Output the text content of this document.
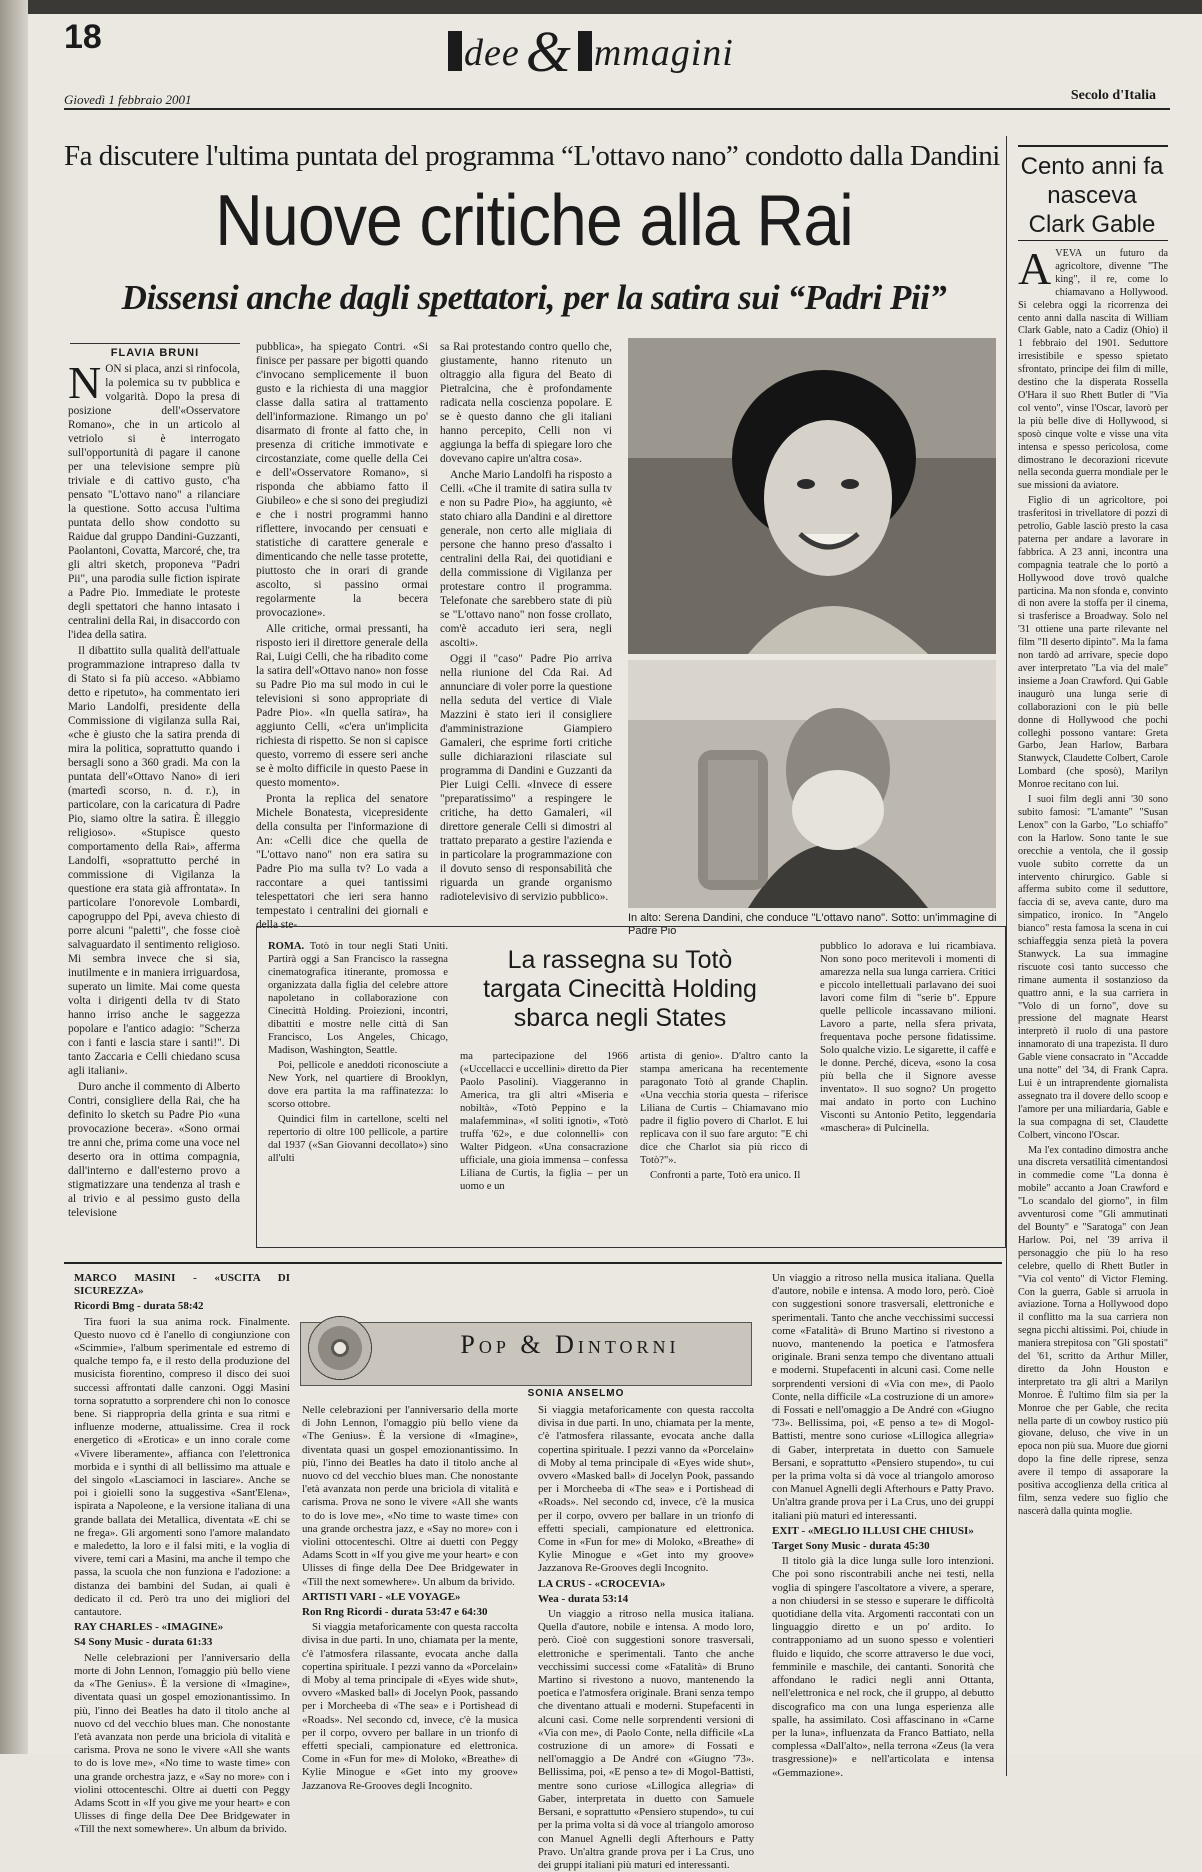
18	dee & mmagini
Giovedì 1 febbraio 2001	Secolo d'Italia
Fa discutere l'ultima puntata del programma “L'ottavo nano” condotto dalla Dandini
Nuove critiche alla Rai
Dissensi anche dagli spettatori, per la satira sui “Padri Pii”
FLAVIA BRUNI
N ON si placa, anzi si rinfocola, la polemica su tv pubblica e volgarità. Dopo la presa di posizione dell'«Osservatore Romano», che in un articolo al vetriolo si è interrogato sull'opportunità di pagare il canone per una televisione sempre più triviale e di cattivo gusto, c'ha pensato "L'ottavo nano" a rilanciare la questione. Sotto accusa l'ultima puntata dello show condotto su Raidue dal gruppo Dandini-Guzzanti, Paolantoni, Covatta, Marcoré, che, tra gli altri sketch, proponeva "Padri Pii", una parodia sulle fiction ispirate a Padre Pio. Immediate le proteste degli spettatori che hanno intasato i centralini della Rai, in disaccordo con l'idea della satira.

Il dibattito sulla qualità dell'attuale programmazione intrapreso dalla tv di Stato si fa più acceso. «Abbiamo detto e ripetuto», ha commentato ieri Mario Landolfi, presidente della Commissione di vigilanza sulla Rai, «che è giusto che la satira prenda di mira la politica, soprattutto quando i bersagli sono a 360 gradi. Ma con la puntata dell'«Ottavo Nano» di ieri (martedì scorso, n. d. r.), in particolare, con la caricatura di Padre Pio, siamo oltre la satira. È illeggio religioso». «Stupisce questo comportamento della Rai», afferma Landolfi, «soprattutto perché in commissione di Vigilanza la questione era stata già affrontata». In particolare l'onorevole Lombardi, capogruppo del Ppi, aveva chiesto di porre alcuni "paletti", che fosse cioè salvaguardato il sentimento religioso. Mi sembra invece che si sia, inutilmente e in maniera irriguardosa, superato un limite. Mai come questa volta i dirigenti della tv di Stato hanno irriso anche le saggezza popolare e l'antico adagio: "Scherza con i fanti e lascia stare i santi!". Di tanto Zaccaria e Celli chiedano scusa agli italiani».

Duro anche il commento di Alberto Contri, consigliere della Rai, che ha definito lo sketch su Padre Pio «una provocazione becera». «Sono ormai tre anni che, prima come una voce nel deserto ora in ottima compagnia, dall'interno e dall'esterno provo a stigmatizzare una tendenza al trash e al trivio e al pessimo gusto della televisione

pubblica», ha spiegato Contri. «Si finisce per passare per bigotti quando c'invocano semplicemente il buon gusto e la richiesta di una maggior classe dalla satira al trattamento dell'informazione. Rimango un po' disarmato di fronte al fatto che, in presenza di critiche immotivate e circostanziate, come quelle della Cei e dell'«Osservatore Romano», si risponda che abbiamo fatto il Giubileo» e che si sono dei pregiudizi e che i nostri programmi hanno riflettere, invocando per censuati e statistiche di carattere generale e dimenticando che nelle tasse protette, piuttosto che in orari di grande ascolto, si passino ormai regolarmente la becera provocazione».

Alle critiche, ormai pressanti, ha risposto ieri il direttore generale della Rai, Luigi Celli, che ha ribadito come la satira dell'«Ottavo nano» non fosse su Padre Pio ma sul modo in cui le televisioni si sono appropriate di Padre Pio». «In quella satira», ha aggiunto Celli, «c'era un'implicita richiesta di rispetto. Se non si capisce questo, vorremo di essere seri anche se è molto difficile in questo Paese in questo momento».

Pronta la replica del senatore Michele Bonatesta, vicepresidente della consulta per l'informazione di An: «Celli dice che quella de "L'ottavo nano" non era satira su Padre Pio ma sulla tv? Lo vada a raccontare a quei tantissimi telespettatori che ieri sera hanno tempestato i centralini dei giornali e della ste-

sa Rai protestando contro quello che, giustamente, hanno ritenuto un oltraggio alla figura del Beato di Pietralcina, che è profondamente radicata nella coscienza popolare. E se è questo danno che gli italiani hanno percepito, Celli non vi aggiunga la beffa di spiegare loro che dovevano capire un'altra cosa».

Anche Mario Landolfi ha risposto a Celli. «Che il tramite di satira sulla tv e non su Padre Pio», ha aggiunto, «è stato chiaro alla Dandini e al direttore generale, non certo alle migliaia di persone che hanno preso d'assalto i centralini della Rai, dei quotidiani e della commissione di Vigilanza per protestare contro il programma. Telefonate che sarebbero state di più se "L'ottavo nano" non fosse crollato, com'è accaduto ieri sera, negli ascolti».

Oggi il "caso" Padre Pio arriva nella riunione del Cda Rai. Ad annunciare di voler porre la questione nella seduta del vertice di Viale Mazzini è stato ieri il consigliere d'amministrazione Giampiero Gamaleri, che esprime forti critiche sulle dichiarazioni rilasciate sul programma di Dandini e Guzzanti da Pier Luigi Celli. «Invece di essere "preparatissimo" a respingere le critiche, ha detto Gamaleri, «il direttore generale Celli si dimostri al trattato preparato a gestire l'azienda e in particolare la programmazione con il dovuto senso di responsabilità che riguarda un grande organismo radiotelevisivo di servizio pubblico».

In alto: Serena Dandini, che conduce "L'ottavo nano". Sotto: un'immagine di Padre Pio
Cento anni fa nasceva Clark Gable
A VEVA un futuro da agricoltore, divenne "The king", il re, come lo chiamavano a Hollywood. Si celebra oggi la ricorrenza dei cento anni dalla nascita di William Clark Gable, nato a Cadiz (Ohio) il 1 febbraio del 1901. Seduttore irresistibile e spesso spietato sfrontato, principe dei film di mille, destino che la disperata Rossella O'Hara il suo Rhett Butler di "Via col vento", vinse l'Oscar, lavorò per la più belle dive di Hollywood, si sposò cinque volte e visse una vita intensa e spesso pericolosa, come dimostrano le decorazioni ricevute nella seconda guerra mondiale per le sue missioni da aviatore.

Figlio di un agricoltore, poi trasferitosi in trivellatore di pozzi di petrolio, Gable lasciò presto la casa paterna per andare a lavorare in fabbrica. A 23 anni, incontra una compagnia teatrale che lo portò a Hollywood dove trovò qualche particina. Ma non sfonda e, convinto di non avere la stoffa per il cinema, si trasferisce a Broadway. Solo nel '31 ottiene una parte rilevante nel film "Il deserto dipinto". Ma la fama non tardò ad arrivare, specie dopo aver interpretato "La via del male" insieme a Joan Crawford. Qui Gable inaugurò una lunga serie di collaborazioni con le più belle donne di Hollywood che pochi colleghi possono vantare: Greta Garbo, Jean Harlow, Barbara Stanwyck, Claudette Colbert, Carole Lombard (che sposò), Marilyn Monroe recitano con lui.

I suoi film degli anni '30 sono subito famosi: "L'amante" "Susan Lenox" con la Garbo, "Lo schiaffo" con la Harlow. Sono tante le sue orecchie a ventola, che il gossip vuole subito corrette da un intervento chirurgico. Gable si afferma subito come il seduttore, faccia di se, aveva cante, duro ma simpatico, ironico. In "Angelo bianco" resta famosa la scena in cui schiaffeggia senza pietà la povera Stanwyck. La sua immagine riscuote così tanto successo che rimane aumenta il sostanzioso da quattro anni, e la sua carriera in "Volo di un forno", dove su pressione del magnate Hearst interpretò il ruolo di una pastore innamorato di una trapezista. Il duro Gable viene consacrato in "Accadde una notte" del '34, di Frank Capra. Lui è un intraprendente giornalista assegnato tra il dovere dello scoop e l'amore per una miliardaria, Gable e la sua compagna di set, Claudette Colbert, vincono l'Oscar.

Ma l'ex contadino dimostra anche una discreta versatilità cimentandosi in commedie come "La donna è mobile" accanto a Joan Crawford e "Lo scandalo del giorno", in film avventurosi come "Gli ammutinati del Bounty" e "Saratoga" con Jean Harlow. Poi, nel '39 arriva il personaggio che più lo ha reso celebre, quello di Rhett Butler in "Via col vento" di Victor Fleming. Con la guerra, Gable si arruola in aviazione. Torna a Hollywood dopo il conflitto ma la sua carriera non segna picchi altissimi. Poi, chiude in maniera strepitosa con "Gli spostati" del '61, scritto da Arthur Miller, diretto da John Houston e interpretato tra gli altri a Marilyn Monroe. È l'ultimo film sia per la Monroe che per Gable, che recita nella parte di un cowboy rustico più giovane, deluso, che vive in un epoca non più sua. Muore due giorni dopo la fine delle riprese, senza avere il tempo di assaporare la positiva accoglienza della critica al film, senza vedere suo figlio che nascerà dalla quinta moglie.

La rassegna su Totò targata Cinecittà Holding sbarca negli States

ROMA. Totò in tour negli Stati Uniti. Partirà oggi a San Francisco la rassegna cinematografica itinerante, promossa e organizzata dalla figlia del celebre attore napoletano in collaborazione con Cinecittà Holding. Proiezioni, incontri, dibattiti e mostre nelle città di San Francisco, Los Angeles, Chicago, Madison, Washington, Seattle.

Poi, pellicole e aneddoti riconosciute a New York, nel quartiere di Brooklyn, dove era partita la ma raffinatezza: lo scorso ottobre.

Quindici film in cartellone, scelti nel repertorio di oltre 100 pellicole, a partire dal 1937 («San Giovanni decollato») sino all'ulti

ma partecipazione del 1966 («Uccellacci e uccellini» diretto da Pier Paolo Pasolini). Viaggeranno in America, tra gli altri «Miseria e nobiltà», «Totò Peppino e la malafemmina», «I soliti ignoti», «Totò truffa '62», e due colonnelli» con Walter Pidgeon. «Una consacrazione ufficiale, una gioia immensa – confessa Liliana de Curtis, la figlia – per un uomo e un

artista di genio». D'altro canto la stampa americana ha recentemente paragonato Totò al grande Chaplin. «Una vecchia storia questa – riferisce Liliana de Curtis – Chiamavano mio padre il figlio povero di Charlot. E lui replicava con il suo fare arguto: "E chi dice che Charlot sia più ricco di Totò?"».

Confronti a parte, Totò era unico. Il

pubblico lo adorava e lui ricambiava. Non sono poco meritevoli i momenti di amarezza nella sua lunga carriera. Critici e piccolo intellettuali parlavano dei suoi lavori come film di "serie b". Eppure quelle pellicole incassavano milioni. Lavoro a parte, nella sfera privata, frequentava poche persone fidatissime. Solo qualche vizio. Le sigarette, il caffè e le donne. Perché, diceva, «sono la cosa più bella che il Signore avesse inventato». Il suo sogno? Un progetto mai andato in porto con Luchino Visconti su Antonio Petito, leggendaria «maschera» di Pulcinella.

Pop & Dintorni
SONIA ANSELMO

MARCO MASINI - «USCITA DI SICUREZZA»

Ricordi Bmg - durata 58:42

Tira fuori la sua anima rock. Finalmente. Questo nuovo cd è l'anello di congiunzione con «Scimmie», l'album sperimentale ed estremo di qualche tempo fa, e il resto della produzione del musicista fiorentino, compreso il disco dei suoi successi affrontati dalle canzoni. Oggi Masini torna sopratutto a sorprendere chi non lo conosce bene. Si riappropria della grinta e sua ritmi e influenze moderne, attualissime. Crea il rock energetico di «Erotica» e un inno corale come «Vivere liberamente», affianca con l'elettronica morbida e i synthi di all bellissimo ma attuale e del singolo «Lasciamoci in lasciare». Anche se poi i gioielli sono la suggestiva «Sant'Elena», ispirata a Napoleone, e la versione italiana di una grande ballata dei Metallica, diventata «E chi se ne frega». Gli argomenti sono l'amore malandato e maledetto, la loro e il falsi miti, e la voglia di vivere, temi cari a Masini, ma anche il tempo che passa, la scuola che non funziona e l'adozione: a distanza dei bambini del Sudan, ai quali è dedicato il cd. Però tra uno dei migliori del cantautore.

RAY CHARLES - «IMAGINE»

S4 Sony Music - durata 61:33

Nelle celebrazioni per l'anniversario della morte di John Lennon, l'omaggio più bello viene da «The Genius». È la versione di «Imagine», diventata quasi un gospel emozionantissimo. In più, l'inno dei Beatles ha dato il titolo anche al nuovo cd del vecchio blues man. Che nonostante l'età avanzata non perde una briciola di vitalità e carisma. Prova ne sono le vivere «All she wants to do is love me», «No time to waste time» con una grande orchestra jazz, e «Say no more» con i violini ottocenteschi. Oltre ai duetti con Peggy Adams Scott in «If you give me your heart» e con Ulisses di finge della Dee Dee Bridgewater in «Till the next somewhere». Un album da brivido.

Nelle celebrazioni per l'anniversario della morte di John Lennon, l'omaggio più bello viene da «The Genius». È la versione di «Imagine», diventata quasi un gospel emozionantissimo. In più, l'inno dei Beatles ha dato il titolo anche al nuovo cd del vecchio blues man. Che nonostante l'età avanzata non perde una briciola di vitalità e carisma. Prova ne sono le vivere «All she wants to do is love me», «No time to waste time» con una grande orchestra jazz, e «Say no more» con i violini ottocenteschi. Oltre ai duetti con Peggy Adams Scott in «If you give me your heart» e con Ulisses di finge della Dee Dee Bridgewater in «Till the next somewhere». Un album da brivido.

ARTISTI VARI - «LE VOYAGE»

Ron Rng Ricordi - durata 53:47 e 64:30

Si viaggia metaforicamente con questa raccolta divisa in due parti. In uno, chiamata per la mente, c'è l'atmosfera rilassante, evocata anche dalla copertina spirituale. I pezzi vanno da «Porcelain» di Moby al tema principale di «Eyes wide shut», ovvero «Masked ball» di Jocelyn Pook, passando per i Morcheeba di «The sea» e i Portishead di «Roads». Nel secondo cd, invece, c'è la musica per il corpo, ovvero per ballare in un trionfo di effetti speciali, campionature ed elettronica. Come in «Fun for me» di Moloko, «Breathe» di Kylie Minogue e «Get into my groove» Jazzanova Re-Grooves degli Incognito.

Si viaggia metaforicamente con questa raccolta divisa in due parti. In uno, chiamata per la mente, c'è l'atmosfera rilassante, evocata anche dalla copertina spirituale. I pezzi vanno da «Porcelain» di Moby al tema principale di «Eyes wide shut», ovvero «Masked ball» di Jocelyn Pook, passando per i Morcheeba di «The sea» e i Portishead di «Roads». Nel secondo cd, invece, c'è la musica per il corpo, ovvero per ballare in un trionfo di effetti speciali, campionature ed elettronica. Come in «Fun for me» di Moloko, «Breathe» di Kylie Minogue e «Get into my groove» Jazzanova Re-Grooves degli Incognito.

LA CRUS - «CROCEVIA»

Wea - durata 53:14

Un viaggio a ritroso nella musica italiana. Quella d'autore, nobile e intensa. A modo loro, però. Cioè con suggestioni sonore trasversali, elettroniche e sperimentali. Tanto che anche vecchissimi successi come «Fatalità» di Bruno Martino si rivestono a nuovo, mantenendo la poetica e l'atmosfera originale. Brani senza tempo che diventano attuali e moderni. Stupefacenti in alcuni casi. Come nelle sorprendenti versioni di «Via con me», di Paolo Conte, nella difficile «La costruzione di un amore» di Fossati e nell'omaggio a De André con «Giugno '73». Bellissima, poi, «E penso a te» di Mogol-Battisti, mentre sono curiose «Lillogica allegria» di Gaber, interpretata in duetto con Samuele Bersani, e soprattutto «Pensiero stupendo», tu cui per la prima volta si dà voce al triangolo amoroso con Manuel Agnelli degli Afterhours e Patty Pravo. Un'altra grande prova per i La Crus, uno dei gruppi italiani più maturi ed interessanti.

Un viaggio a ritroso nella musica italiana. Quella d'autore, nobile e intensa. A modo loro, però. Cioè con suggestioni sonore trasversali, elettroniche e sperimentali. Tanto che anche vecchissimi successi come «Fatalità» di Bruno Martino si rivestono a nuovo, mantenendo la poetica e l'atmosfera originale. Brani senza tempo che diventano attuali e moderni. Stupefacenti in alcuni casi. Come nelle sorprendenti versioni di «Via con me», di Paolo Conte, nella difficile «La costruzione di un amore» di Fossati e nell'omaggio a De André con «Giugno '73». Bellissima, poi, «E penso a te» di Mogol-Battisti, mentre sono curiose «Lillogica allegria» di Gaber, interpretata in duetto con Samuele Bersani, e soprattutto «Pensiero stupendo», tu cui per la prima volta si dà voce al triangolo amoroso con Manuel Agnelli degli Afterhours e Patty Pravo. Un'altra grande prova per i La Crus, uno dei gruppi italiani più maturi ed interessanti.

EXIT - «MEGLIO ILLUSI CHE CHIUSI»

Target Sony Music - durata 45:30

Il titolo già la dice lunga sulle loro intenzioni. Che poi sono riscontrabili anche nei testi, nella voglia di spingere l'ascoltatore a vivere, a sperare, a non chiudersi in se stesso e superare le difficoltà quotidiane della vita. Argomenti raccontati con un linguaggio diretto e un po' ardito. Io contrapponiamo ad un suono spesso e volentieri fluido e liquido, che scorre attraverso le due voci, femminile e maschile, dei cantanti. Sonorità che affondano le radici negli anni Ottanta, nell'elettronica e nel rock, che il gruppo, al debutto discografico ma con una lunga esperienza alle spalle, ha assimilato. Così affascinano in «Carne per la luna», influenzata da Franco Battiato, nella complessa «Dall'alto», nella terrona «Zeus (la vera trasgressione)» e nell'articolata e intensa «Gemmazione».
